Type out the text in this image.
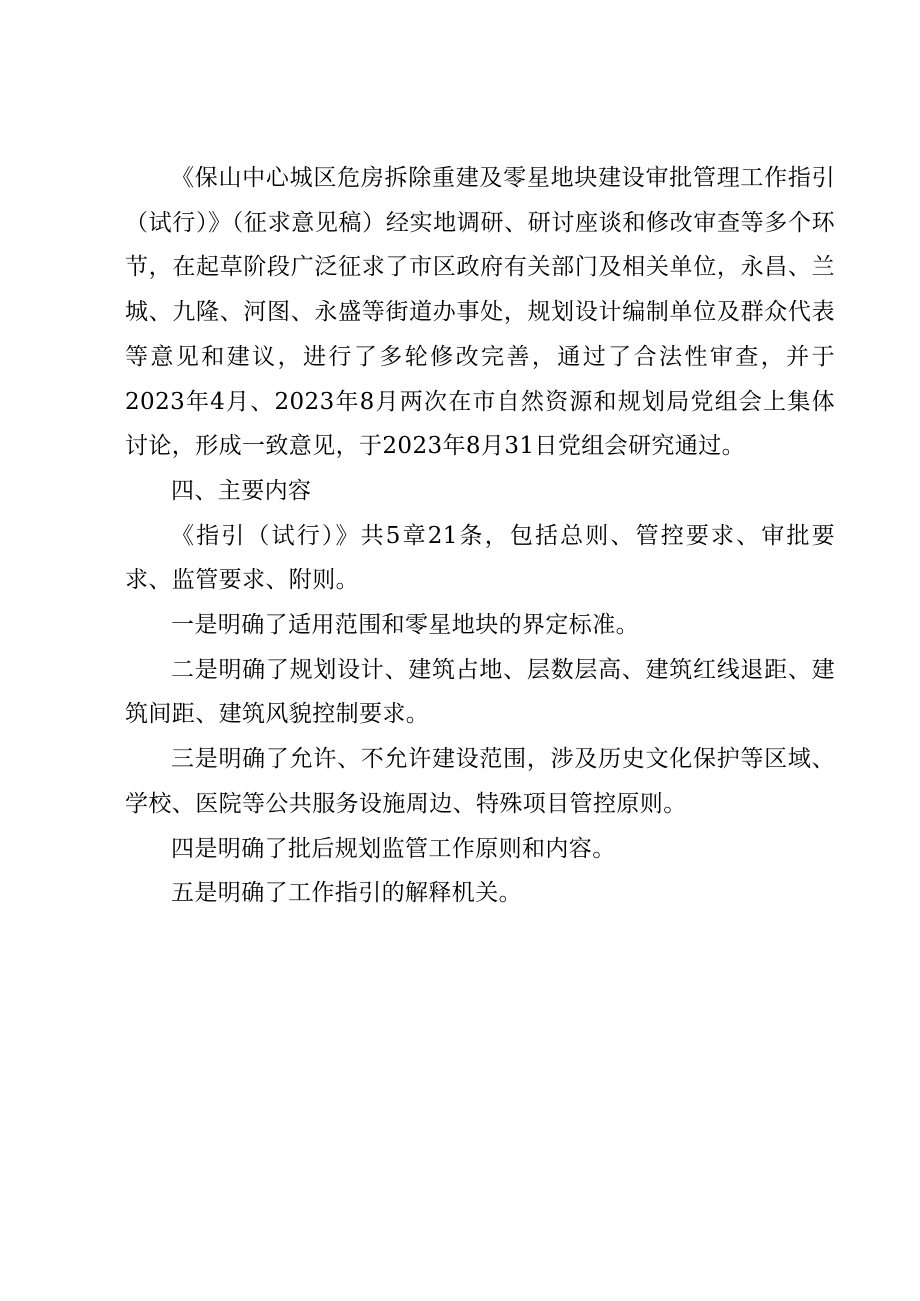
《保山中心城区危房拆除重建及零星地块建设审批管理工作指引（试行）》（征求意见稿）经实地调研、研讨座谈和修改审查等多个环节，在起草阶段广泛征求了市区政府有关部门及相关单位，永昌、兰城、九隆、河图、永盛等街道办事处，规划设计编制单位及群众代表等意见和建议，进行了多轮修改完善，通过了合法性审查，并于2023年4月、2023年8月两次在市自然资源和规划局党组会上集体讨论，形成一致意见，于2023年8月31日党组会研究通过。

四、主要内容

《指引（试行）》共5章21条，包括总则、管控要求、审批要求、监管要求、附则。

一是明确了适用范围和零星地块的界定标准。

二是明确了规划设计、建筑占地、层数层高、建筑红线退距、建筑间距、建筑风貌控制要求。

三是明确了允许、不允许建设范围，涉及历史文化保护等区域、学校、医院等公共服务设施周边、特殊项目管控原则。

四是明确了批后规划监管工作原则和内容。

五是明确了工作指引的解释机关。
